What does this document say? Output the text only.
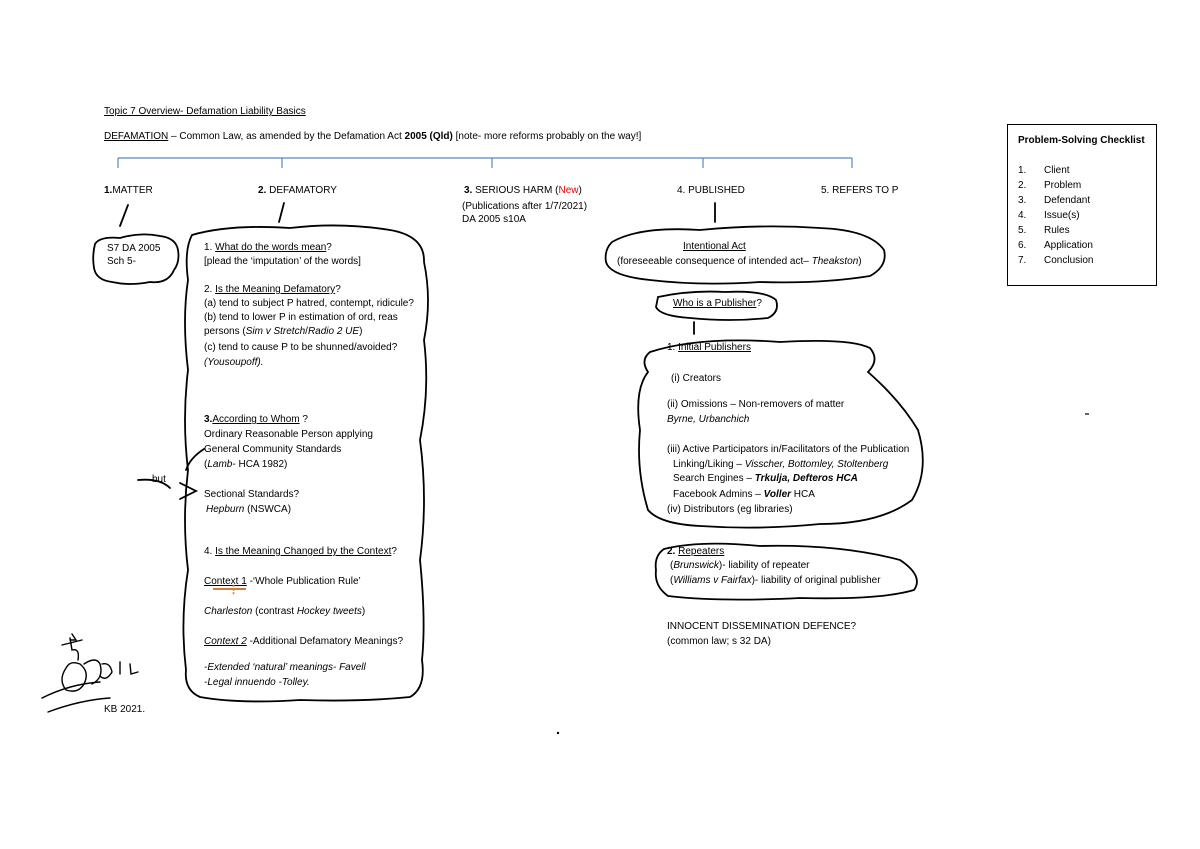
Topic 7 Overview- Defamation Liability Basics
DEFAMATION – Common Law, as amended by the Defamation Act 2005 (Qld) [note- more reforms probably on the way!]
1.MATTER	2. DEFAMATORY	3. SERIOUS HARM (New)	4. PUBLISHED	5. REFERS TO P
(Publications after 1/7/2021)
DA 2005 s10A
S7 DA 2005
Sch 5-
1. What do the words mean?
[plead the ‘imputation’ of the words]
2. Is the Meaning Defamatory?
(a) tend to subject P hatred, contempt, ridicule?
(b) tend to lower P in estimation of ord, reas
persons (Sim v Stretch/Radio 2 UE)
(c) tend to cause P to be shunned/avoided?
(Yousoupoff).
3.According to Whom ?
Ordinary Reasonable Person applying
General Community Standards
(Lamb- HCA 1982)
but
Sectional Standards?
Hepburn (NSWCA)
4. Is the Meaning Changed by the Context?
Context 1 -‘Whole Publication Rule’
⋮
Charleston (contrast Hockey tweets)
Context 2 -Additional Defamatory Meanings?
-Extended ‘natural’ meanings- Favell
-Legal innuendo -Tolley.
Intentional Act
(foreseeable consequence of intended act– Theakston)
Who is a Publisher?
1. Initial Publishers
(i) Creators
(ii) Omissions – Non-removers of matter
Byrne, Urbanchich
(iii) Active Participators in/Facilitators of the Publication
Linking/Liking – Visscher, Bottomley, Stoltenberg
Search Engines – Trkulja, Defteros HCA
Facebook Admins – Voller HCA
(iv) Distributors (eg libraries)
2. Repeaters
(Brunswick)- liability of repeater
(Williams v Fairfax)- liability of original publisher
INNOCENT DISSEMINATION DEFENCE?
(common law; s 32 DA)
Problem-Solving Checklist
1. Client
2. Problem
3. Defendant
4. Issue(s)
5. Rules
6. Application
7. Conclusion
KB 2021.
